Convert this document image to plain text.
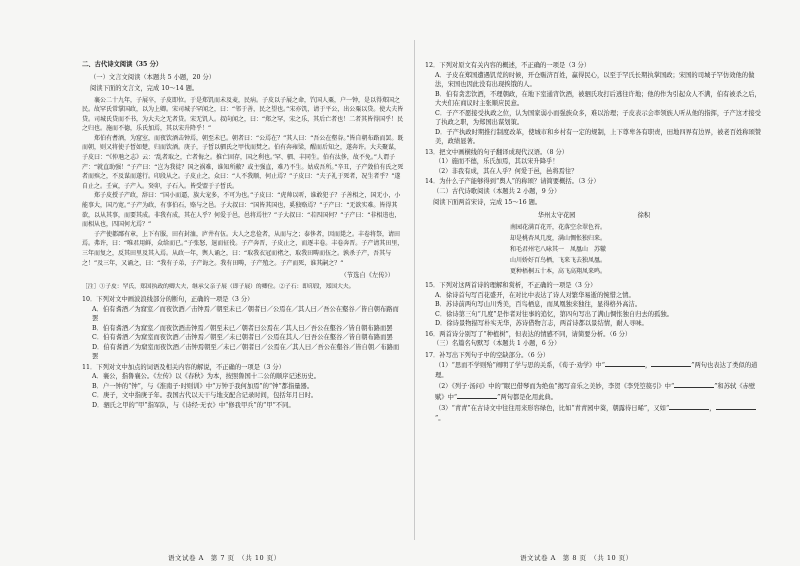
二、古代诗文阅读（35 分）

（一）文言文阅读（本题共 5 小题，20 分）

阅读下面的文言文，完成 10～14 题。

襄公二十九年，子展卒，子皮即位。于是郑饥而未及麦，民病。子皮以子展之命，饩国人粟，户一钟，是以得郑国之民。故罕氏常掌国政，以为上卿。宋司城子罕闻之，曰：“邻于善，民之望也。”宋亦饥，请于平公，出公粟以贷。使大夫皆贷。司城氏贷而不书，为大夫之无者贷。宋无饥人。叔向闻之，曰：“郑之罕，宋之乐，其后亡者也！二者其皆得国乎！民之归也。施而不德，乐氏加焉，其以宋升降乎！”

郑伯有耆酒，为窟室，而夜饮酒击钟焉，朝至未已。朝者曰：“公焉在？”其人曰：“吾公在壑谷。”皆自朝布路而罢。既而朝，则又将使子皙如楚，归而饮酒。庚子，子皙以驷氏之甲伐而焚之。伯有奔雍梁，醒而后知之，遂奔许。大夫聚谋，子皮曰：“《仲虺之志》云：‘乱者取之，亡者侮之。推亡固存，国之利也。’罕、驷、丰同生。伯有汰侈，故不免。”人谓子产：“就直助强！”子产曰：“岂为我徒？国之祸难，谁知所敝？或主强直，难乃不生。姑成吾所。”辛丑，子产敛伯有氏之死者而殡之，不及谋而遂行。印段从之。子皮止之，众曰：“人不我顺，何止焉？”子皮曰：“夫子礼于死者，况生者乎？”遂自止之。壬寅，子产入。癸卯，子石入。皆受盟于子皙氏。

郑子皮授子产政，辞曰：“国小而逼，族大宠多，不可为也。”子皮曰：“虎帅以听，谁敢犯子？子善相之，国无小，小能事大，国乃宽。”子产为政，有事伯石，赂与之邑。子大叔曰：“国皆其国也，奚独赂焉？”子产曰：“无欲实难。皆得其欲，以从其事，而要其成。非我有成，其在人乎？何爱于邑，邑将焉往？”子大叔曰：“若四国何？”子产曰：“非相违也，而相从也，四国何尤焉？”

子产使都鄙有章，上下有服，田有封洫，庐井有伍。大人之忠俭者，从而与之；泰侈者，因而毙之。丰卷将祭，请田焉。弗许，曰：“唯君用鲜，众给而已。”子张怒，退而征役。子产奔晋，子皮止之，而逐丰卷。丰卷奔晋。子产请其田里，三年而复之，反其田里及其入焉。从政一年，舆人诵之，曰：“取我衣冠而褚之，取我田畴而伍之。孰杀子产，吾其与之！”及三年，又诵之，曰：“我有子弟，子产诲之。我有田畴，子产殖之。子产而死，谁其嗣之？”

（节选自《左传》）

［注］①子皮：罕氏，郑国执政的卿大夫，继承父亲子展（即子展）的卿位。②子石：即印段，郑国大夫。

10．下列对文中画波浪线部分的断句，正确的一项是（3 分）

A．伯有耆酒／为窟室／而夜饮酒／击钟焉／朝至未已／朝者曰／公焉在／其人曰／吾公在壑谷／皆自朝布路而罢

B．伯有耆酒／为窟室／而夜饮酒击钟焉／朝至未已／朝者曰公焉在／其人曰／吾公在壑谷／皆自朝布路而罢

C．伯有耆酒／为窟室而夜饮酒／击钟焉／朝至／未已朝者曰／公焉在其人／曰吾公在壑谷／皆自朝布路而罢

D．伯有耆酒／为窟室而夜饮酒／击钟焉朝至／未已／朝者曰／公焉在／其人曰／吾公在壑谷／皆自朝／布路而罢

11．下列对文中加点的词语及相关内容的解说，不正确的一项是（3 分）

A．襄公，指鲁襄公。《左传》以《春秋》为本，按照鲁国十二公的顺序记述历史。

B．户一钟的“钟”，与《淮南子·时则训》中“万钟于我何加焉”的“钟”都指量器。

C．庚子，文中指庚子年。我国古代以天干与地支配合记录时间，包括年月日时。

D．驷氏之甲的“甲”指军队，与《诗经·无衣》中“修我甲兵”的“甲”不同。

12．下列对原文有关内容的概述，不正确的一项是（3 分）

A．子皮在郑国遭遇饥荒的时候，开仓赈济百姓，赢得民心，以至于罕氏长期执掌国政；宋国的司城子罕仿效他的做法，宋国也因此没有出现挨饿的人。

B．伯有贪恋饮酒，不理朝政，在地下室通宵饮酒，被驷氏攻打后逃往许地；他的作为引起众人不满，伯有被杀之后，大夫们在商议时主张顺应民意。

C．子产不愿接受执政之位，认为国家弱小而强族众多，难以治理；子皮表示会率领族人听从他的指挥，子产这才接受了执政之职，为郑国出谋划策。

D．子产执政时期推行制度改革，使城市和乡村有一定的规制，上下尊卑各有职责，田地四界有边界，被老百姓称颂赞美，政绩显著。

13．把文中画横线的句子翻译成现代汉语。（8 分）

（1）施而不德，乐氏加焉，其以宋升降乎！

（2）非我有成，其在人乎？何爱于邑，邑将焉往？

14．为什么子产能够得到“舆人”的称颂？请简要概括。（3 分）

（二）古代诗歌阅读（本题共 2 小题，9 分）

阅读下面两首宋诗，完成 15～16 题。

华州太守花园	徐积

南园花满百花开，花落空余翠色苔。

却是桃杏风几度，满山惆怅独归来。

和毛君州宅八咏其一　凤凰山　苏辙

山川娇好百鸟栖，飞来飞去独凤凰。

更种梧桐五十本，高飞高翔凤来鸣。

15．下列对这两首诗的理解和赏析，不正确的一项是（3 分）

A．徐诗首句写百花盛开，在对比中表达了诗人对繁华易逝的惋惜之情。

B．苏诗前两句写山川秀美，百鸟栖息，而凤凰独来独往，显得格外高洁。

C．徐诗第三句“几度”是作者对往事的追忆，第四句写出了满山惆怅独自归去的孤独。

D．徐诗景物描写朴实无华，苏诗借物言志，两首诗都以景结情，耐人寻味。

16．两首诗分别写了“种植树”，但表达的情感不同，请简要分析。（6 分）

（三）名篇名句默写（本题共 1 小题，6 分）

17．补写出下列句子中的空缺部分。（6 分）

（1）“思而不学则殆”阐明了学与思的关系，《荀子·劝学》中“	，	”两句也表达了类似的道理。

（2）《列子·汤问》中的“眠巴借琴而为绝鱼”揭写音乐之美妙，李贺《李凭箜篌引》中“	”和苏轼《赤壁赋》中“	”两句都是化用此典。

（3）“青青”在古诗文中往往用来形容绿色，比如“青青园中葵，朝露待日晞”，又如“	，”。

语文试卷 A　第 7 页　（共 10 页）	语文试卷 A　第 8 页　（共 10 页）
